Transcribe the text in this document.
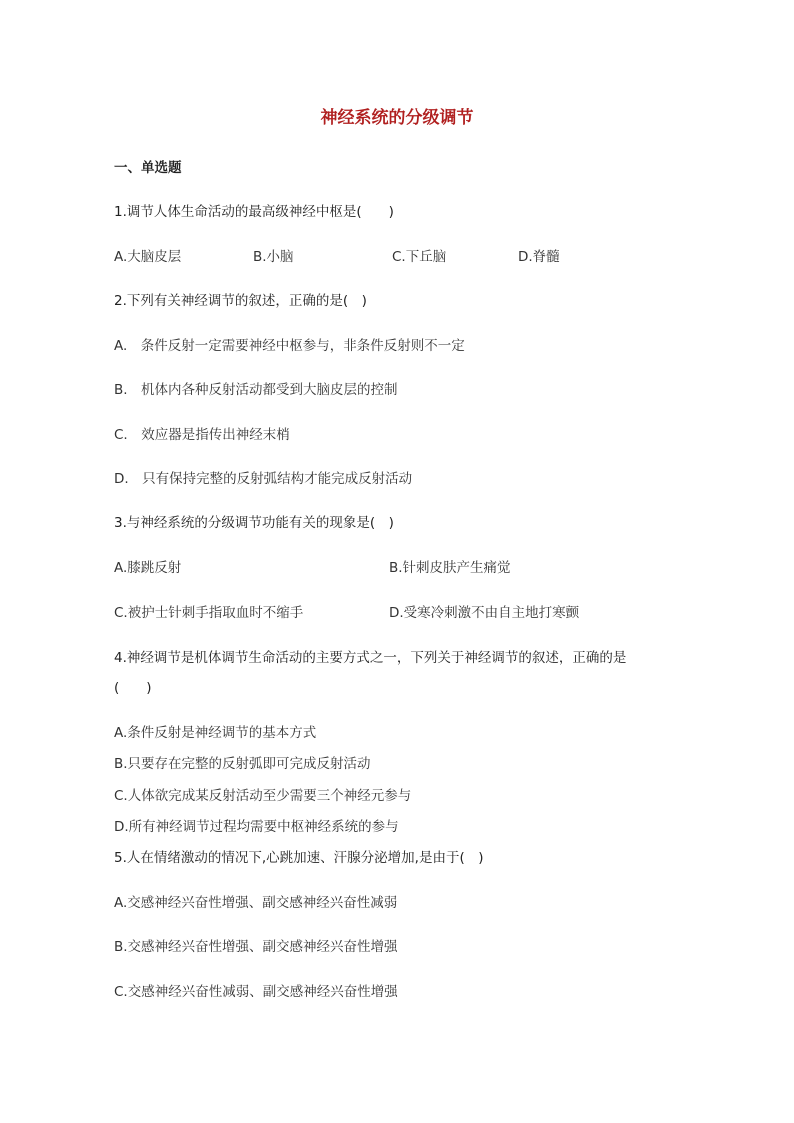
神经系统的分级调节
一、单选题
1.调节人体生命活动的最高级神经中枢是(　　)
A.大脑皮层	B.小脑	C.下丘脑	D.脊髓
2.下列有关神经调节的叙述，正确的是(　)
A.　条件反射一定需要神经中枢参与，非条件反射则不一定
B.　机体内各种反射活动都受到大脑皮层的控制
C.　效应器是指传出神经末梢
D.　只有保持完整的反射弧结构才能完成反射活动
3.与神经系统的分级调节功能有关的现象是(　)
A.膝跳反射	B.针刺皮肤产生痛觉
C.被护士针刺手指取血时不缩手	D.受寒冷刺激不由自主地打寒颤
4.神经调节是机体调节生命活动的主要方式之一，下列关于神经调节的叙述，正确的是
(　　)
A.条件反射是神经调节的基本方式
B.只要存在完整的反射弧即可完成反射活动
C.人体欲完成某反射活动至少需要三个神经元参与
D.所有神经调节过程均需要中枢神经系统的参与
5.人在情绪激动的情况下,心跳加速、汗腺分泌增加,是由于(　)
A.交感神经兴奋性增强、副交感神经兴奋性减弱
B.交感神经兴奋性增强、副交感神经兴奋性增强
C.交感神经兴奋性减弱、副交感神经兴奋性增强
